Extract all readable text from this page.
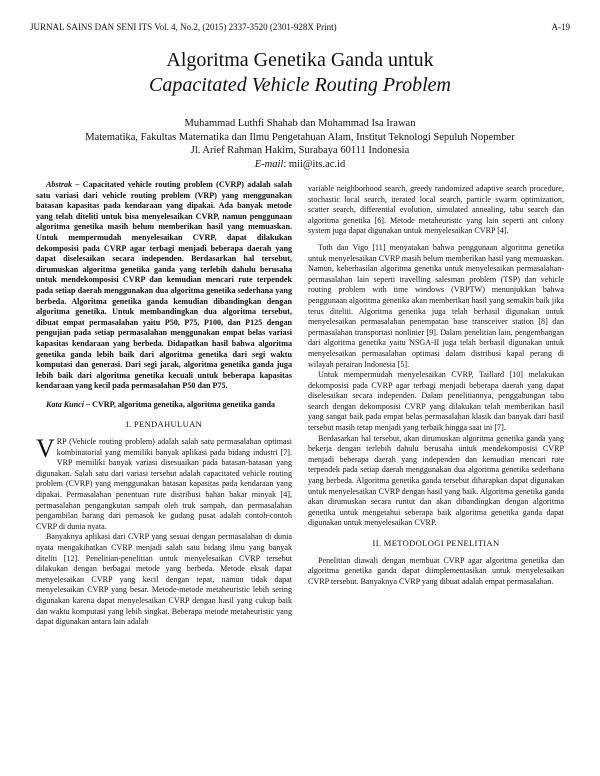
JURNAL SAINS DAN SENI ITS Vol. 4, No.2, (2015) 2337-3520 (2301-928X Print)	A-19
Algoritma Genetika Ganda untuk
Capacitated Vehicle Routing Problem
Muhammad Luthfi Shahab dan Mohammad Isa Irawan
Matematika, Fakultas Matematika dan Ilmu Pengetahuan Alam, Institut Teknologi Sepuluh Nopember
Jl. Arief Rahman Hakim, Surabaya 60111 Indonesia
E-mail: mii@its.ac.id

Abstrak – Capacitated vehicle routing problem (CVRP) adalah salah satu variasi dari vehicle routing problem (VRP) yang menggunakan batasan kapasitas pada kendaraan yang dipakai. Ada banyak metode yang telah diteliti untuk bisa menyelesaikan CVRP, namun penggunaan algoritma genetika masih belum memberikan hasil yang memuaskan. Untuk mempermudah menyelesaikan CVRP, dapat dilakukan dekomposisi pada CVRP agar terbagi menjadi beberapa daerah yang dapat diselesaikan secara independen. Berdasarkan hal tersebut, dirumuskan algoritma genetika ganda yang terlebih dahulu berusaha untuk mendekomposisi CVRP dan kemudian mencari rute terpendek pada setiap daerah menggunakan dua algoritma genetika sederhana yang berbeda. Algoritma genetika ganda kemudian dibandingkan dengan algoritma genetika. Untuk membandingkan dua algoritma tersebut, dibuat empat permasalahan yaitu P50, P75, P100, dan P125 dengan pengujian pada setiap permasalahan menggunakan empat belas variasi kapasitas kendaraan yang berbeda. Didapatkan hasil bahwa algoritma genetika ganda lebih baik dari algoritma genetika dari segi waktu komputasi dan generasi. Dari segi jarak, algoritma genetika ganda juga lebih baik dari algoritma genetika kecuali untuk beberapa kapasitas kendaraan yang kecil pada permasalahan P50 dan P75.

Kata Kunci – CVRP, algoritma genetika, algoritma genetika ganda

I. PENDAHULUAN

VRP (Vehicle routing problem) adalah salah satu permasalahan optimasi kombinatorial yang memiliki banyak aplikasi pada bidang industri [7]. VRP memiliki banyak variasi disesuaikan pada batasan-batasan yang digunakan. Salah satu dari variasi tersebut adalah capacitated vehicle routing problem (CVRP) yang menggunakan batasan kapasitas pada kendaraan yang dipakai. Permasalahan penentuan rute distribusi bahan bakar minyak [4], permasalahan pengangkutan sampah oleh truk sampah, dan permasalahan pengambilan barang dari pemasok ke gudang pusat adalah contoh-contoh CVRP di dunia nyata.

Banyaknya aplikasi dari CVRP yang sesuai dengan permasalahan di dunia nyata mengakibatkan CVRP menjadi salah satu bidang ilmu yang banyak diteliti [12]. Penelitian-penelitian untuk menyelesaikan CVRP tersebut dilakukan dengan berbagai metode yang berbeda. Metode eksak dapat menyelesaikan CVRP yang kecil dengan tepat, namun tidak dapat menyelesaikan CVRP yang besar. Metode-metode metaheuristic lebih sering digunakan karena dapat menyelesaikan CVRP dengan hasil yang cukup baik dan waktu komputasi yang lebih singkat. Beberapa metode metaheuristic yang dapat digunakan antara lain adalah

variable neighborhood search, greedy randomized adaptive search procedure, stochastic local search, iterated local search, particle swarm optimization, scatter search, differential evolution, simulated annealing, tabu search dan algoritma genetika [6]. Metode metaheuristic yang lain seperti ant colony system juga dapat digunakan untuk menyelesaikan CVRP [4].

Toth dan Vigo [11] menyatakan bahwa penggunaan algoritma genetika untuk menyelesaikan CVRP masih belum memberikan hasil yang memuaskan. Namun, keberhasilan algoritma genetika untuk menyelesaikan permasalahan-permasalahan lain seperti travelling salesman problem (TSP) dan vehicle routing problem with time windows (VRPTW) menunjukkan bahwa penggunaan algoritma genetika akan memberikan hasil yang semakin baik jika terus diteliti. Algoritma genetika juga telah berhasil digunakan untuk menyelesaikan permasalahan penempatan base transceiver station [8] dan permasalahan transportasi nonlinier [9]. Dalam penelitian lain, pengembangan dari algoritma genetika yaitu NSGA-II juga telah berhasil digunakan untuk menyelesaikan permasalahan optimasi dalam distribusi kapal perang di wilayah perairan Indonesia [5].

Untuk mempermudah menyelesaikan CVRP, Taillard [10] melakukan dekomposisi pada CVRP agar terbagi menjadi beberapa daerah yang dapat diselesaikan secara independen. Dalam penelitiannya, penggabungan tabu search dengan dekomposisi CVRP yang dilakukan telah memberikan hasil yang sangat baik pada empat belas permasalahan klasik dan banyak dari hasil tersebut masih tetap menjadi yang terbaik hingga saat ini [7].

Berdasarkan hal tersebut, akan dirumuskan algoritma genetika ganda yang bekerja dengan terlebih dahulu berusaha untuk mendekomposisi CVRP menjadi beberapa daerah yang independen dan kemudian mencari rute terpendek pada setiap daerah menggunakan dua algoritma genetika sederhana yang berbeda. Algoritma genetika ganda tersebut diharapkan dapat digunakan untuk menyelesaikan CVRP dengan hasil yang baik. Algoritma genetika ganda akan dirumuskan secara runtut dan akan dibandingkan dengan algoritma genetika untuk mengetahui seberapa baik algoritma genetika ganda dapat digunakan untuk menyelesaikan CVRP.

II. METODOLOGI PENELITIAN

Penelitian diawali dengan membuat CVRP agar algoritma genetika dan algoritma genetika ganda dapat diimplementasikan untuk menyelesaikan CVRP tersebut. Banyaknya CVRP yang dibuat adalah empat permasalahan.
